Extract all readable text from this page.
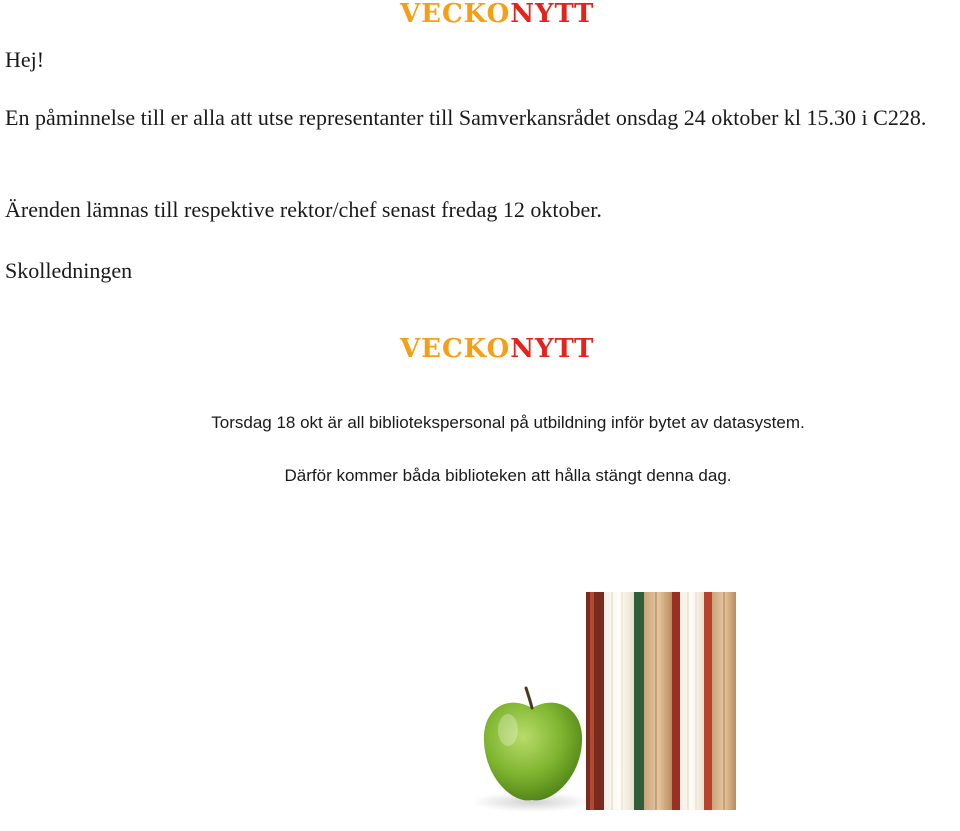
VECKONYTT
Hej!
En påminnelse till er alla att utse representanter till Samverkansrådet onsdag 24 oktober kl 15.30 i C228.
Ärenden lämnas till respektive rektor/chef senast fredag 12 oktober.
Skolledningen
VECKONYTT
Torsdag 18 okt är all bibliotekspersonal på utbildning inför bytet av datasystem.
Därför kommer båda biblioteken att hålla stängt denna dag.
